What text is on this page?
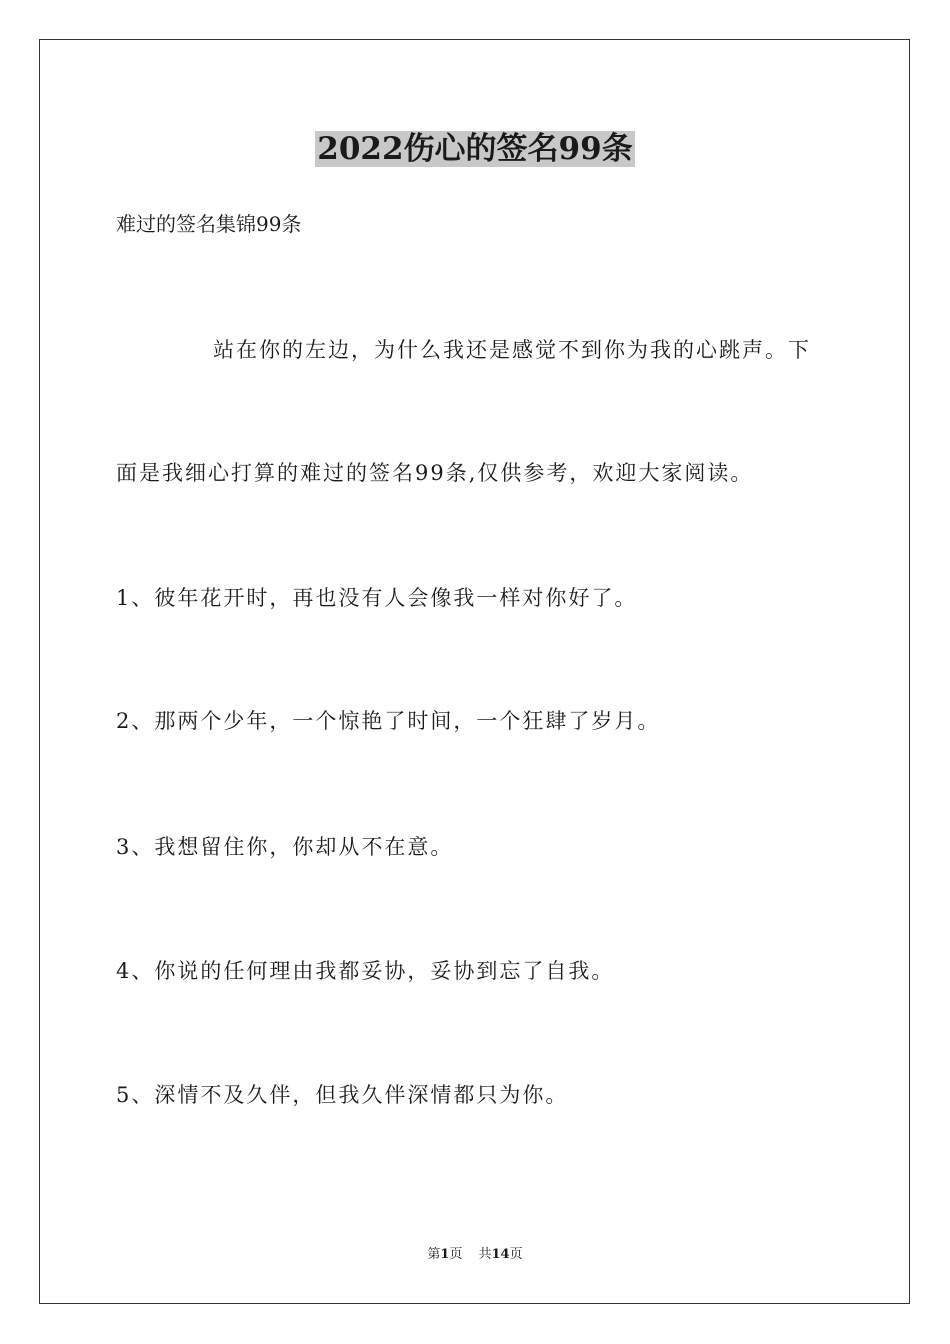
2022伤心的签名99条
难过的签名集锦99条
站在你的左边，为什么我还是感觉不到你为我的心跳声。下
面是我细心打算的难过的签名99条,仅供参考，欢迎大家阅读。
1、彼年花开时，再也没有人会像我一样对你好了。
2、那两个少年，一个惊艳了时间，一个狂肆了岁月。
3、我想留住你，你却从不在意。
4、你说的任何理由我都妥协，妥协到忘了自我。
5、深情不及久伴，但我久伴深情都只为你。
第1页 共14页
